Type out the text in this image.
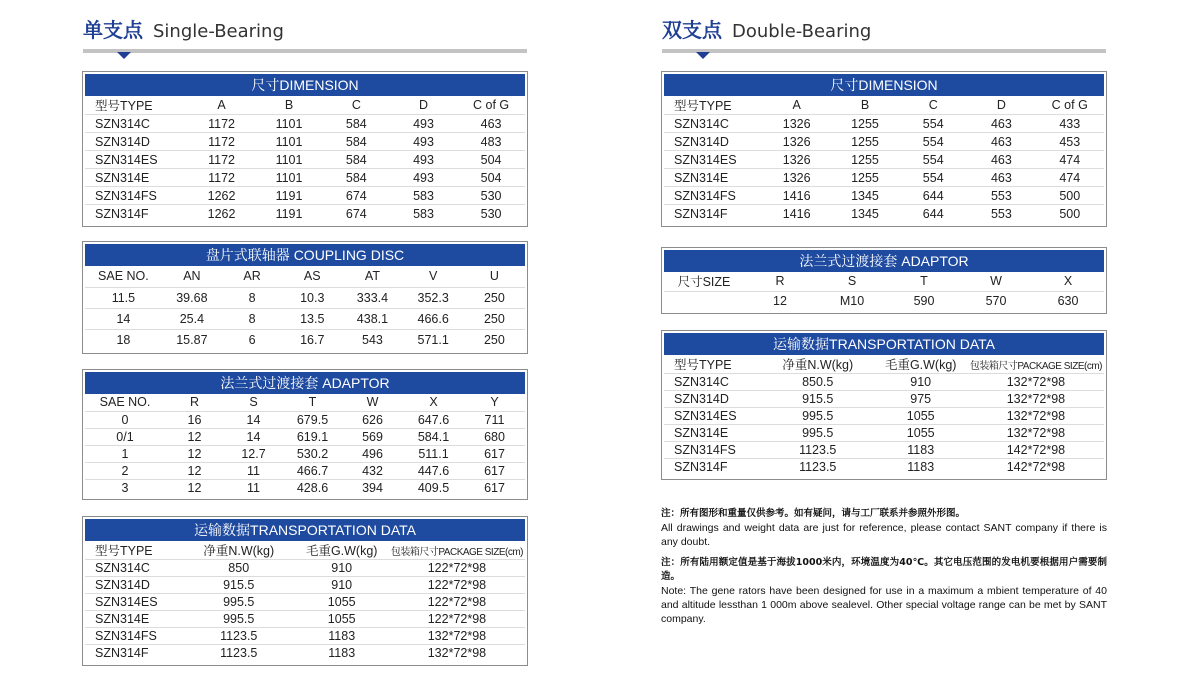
单支点 Single-Bearing	双支点 Double-Bearing
尺寸DIMENSION
型号TYPE	A	B	C	D	C of G
SZN314C	1172	1101	584	493	463
SZN314D	1172	1101	584	493	483
SZN314ES	1172	1101	584	493	504
SZN314E	1172	1101	584	493	504
SZN314FS	1262	1191	674	583	530
SZN314F	1262	1191	674	583	530
盘片式联轴器 COUPLING DISC
SAE NO.	AN	AR	AS	AT	V	U
11.5	39.68	8	10.3	333.4	352.3	250
14	25.4	8	13.5	438.1	466.6	250
18	15.87	6	16.7	543	571.1	250
法兰式过渡接套 ADAPTOR
SAE NO.	R	S	T	W	X	Y
0	16	14	679.5	626	647.6	711
0/1	12	14	619.1	569	584.1	680
1	12	12.7	530.2	496	511.1	617
2	12	11	466.7	432	447.6	617
3	12	11	428.6	394	409.5	617
运输数据TRANSPORTATION DATA
型号TYPE	净重N.W(kg)	毛重G.W(kg)	包装箱尺寸PACKAGE SIZE(cm)
SZN314C	850	910	122*72*98
SZN314D	915.5	910	122*72*98
SZN314ES	995.5	1055	122*72*98
SZN314E	995.5	1055	122*72*98
SZN314FS	1123.5	1183	132*72*98
SZN314F	1123.5	1183	132*72*98
尺寸DIMENSION
型号TYPE	A	B	C	D	C of G
SZN314C	1326	1255	554	463	433
SZN314D	1326	1255	554	463	453
SZN314ES	1326	1255	554	463	474
SZN314E	1326	1255	554	463	474
SZN314FS	1416	1345	644	553	500
SZN314F	1416	1345	644	553	500
法兰式过渡接套 ADAPTOR
尺寸SIZE	R	S	T	W	X
	12	M10	590	570	630
运输数据TRANSPORTATION DATA
型号TYPE	净重N.W(kg)	毛重G.W(kg)	包装箱尺寸PACKAGE SIZE(cm)
SZN314C	850.5	910	132*72*98
SZN314D	915.5	975	132*72*98
SZN314ES	995.5	1055	132*72*98
SZN314E	995.5	1055	132*72*98
SZN314FS	1123.5	1183	142*72*98
SZN314F	1123.5	1183	142*72*98

注：所有图形和重量仅供参考。如有疑问，请与工厂联系并参照外形图。

All drawings and weight data are just for reference, please contact SANT company if there is any doubt.

注：所有陆用额定值是基于海拔1000米内，环境温度为40℃。其它电压范围的发电机要根据用户需要制造。

Note: The gene rators have been designed for use in a maximum a mbient temperature of 40 and altitude lessthan 1 000m above sealevel. Other special voltage range can be met by SANT company.
